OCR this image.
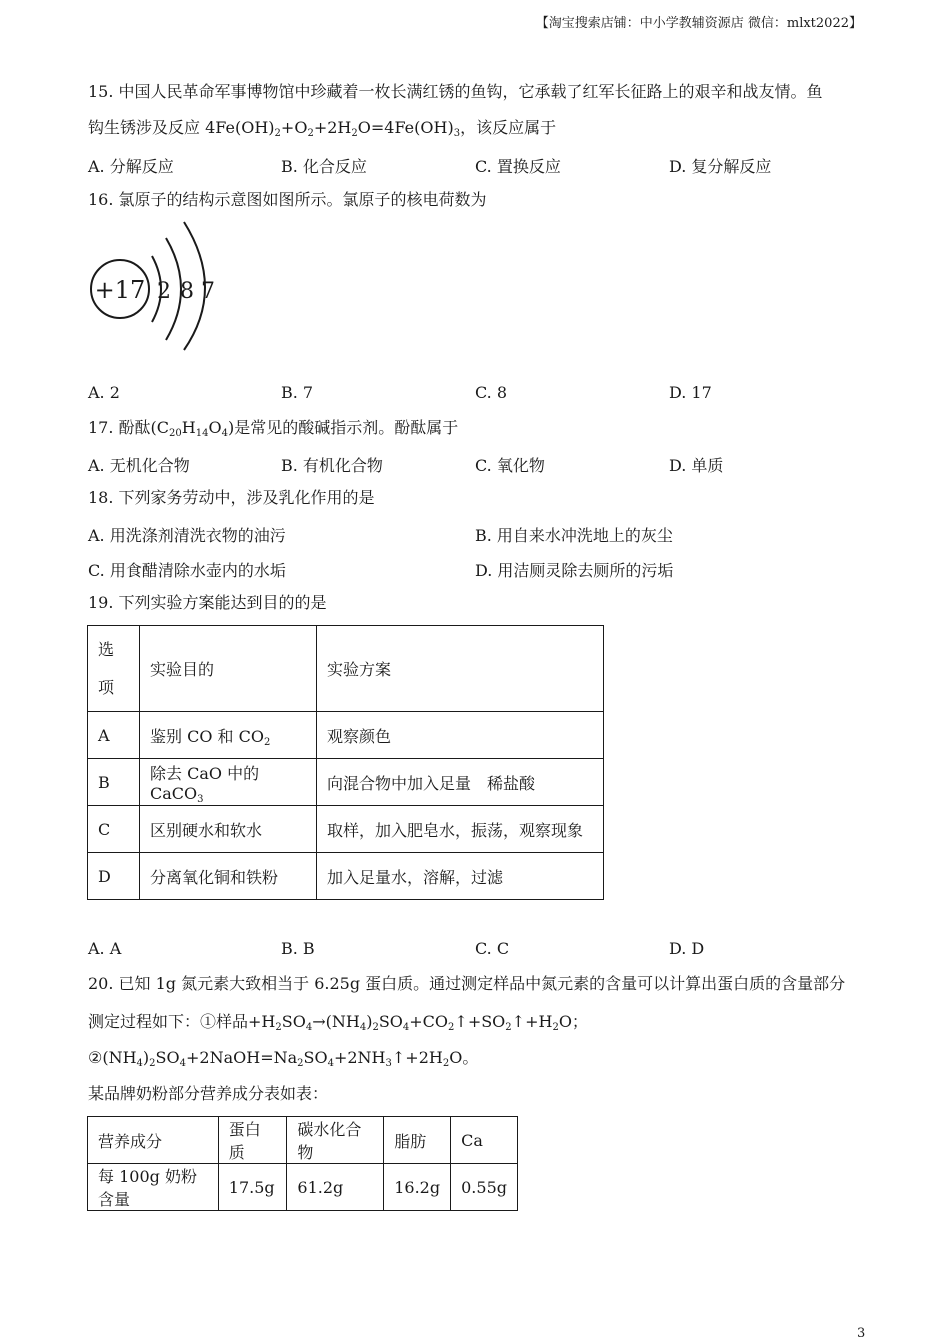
【淘宝搜索店铺：中小学教辅资源店 微信：mlxt2022】
15. 中国人民革命军事博物馆中珍藏着一枚长满红锈的鱼钩，它承载了红军长征路上的艰辛和战友情。鱼
钩生锈涉及反应 $4Fe(OH)_2+O_2+2H_2O=4Fe(OH)_3$，该反应属于
A. 分解反应	B. 化合反应	C. 置换反应	D. 复分解反应
16. 氯原子的结构示意图如图所示。氯原子的核电荷数为
+17 2 8 7
A. 2	B. 7	C. 8	D. 17
17. 酚酞$(C_{20}H_{14}O_4)$是常见的酸碱指示剂。酚酞属于
A. 无机化合物	B. 有机化合物	C. 氧化物	D. 单质
18. 下列家务劳动中，涉及乳化作用的是
A. 用洗涤剂清洗衣物的油污	B. 用自来水冲洗地上的灰尘
C. 用食醋清除水壶内的水垢	D. 用洁厕灵除去厕所的污垢
19. 下列实验方案能达到目的的是
选
项	实验目的	实验方案
A	鉴别 CO 和 $CO_2$	观察颜色
B	除去 CaO 中的 CaCO$_3$	向混合物中加入足量　稀盐酸
C	区别硬水和软水	取样，加入肥皂水，振荡，观察现象
D	分离氧化铜和铁粉	加入足量水，溶解，过滤
A. A	B. B	C. C	D. D
20. 已知 1g 氮元素大致相当于 6.25g 蛋白质。通过测定样品中氮元素的含量可以计算出蛋白质的含量部分
测定过程如下：①样品$+H_2SO_4\to(NH_4)_2SO_4+CO_2↑+SO_2↑+H_2O$；
$②(NH_4)_2SO_4+2NaOH=Na_2SO_4+2NH_3↑+2H_2O$。
某品牌奶粉部分营养成分表如表：
营养成分	蛋白质	碳水化合物	脂肪	Ca
每 100g 奶粉含量	17.5g	61.2g	16.2g	0.55g
3
